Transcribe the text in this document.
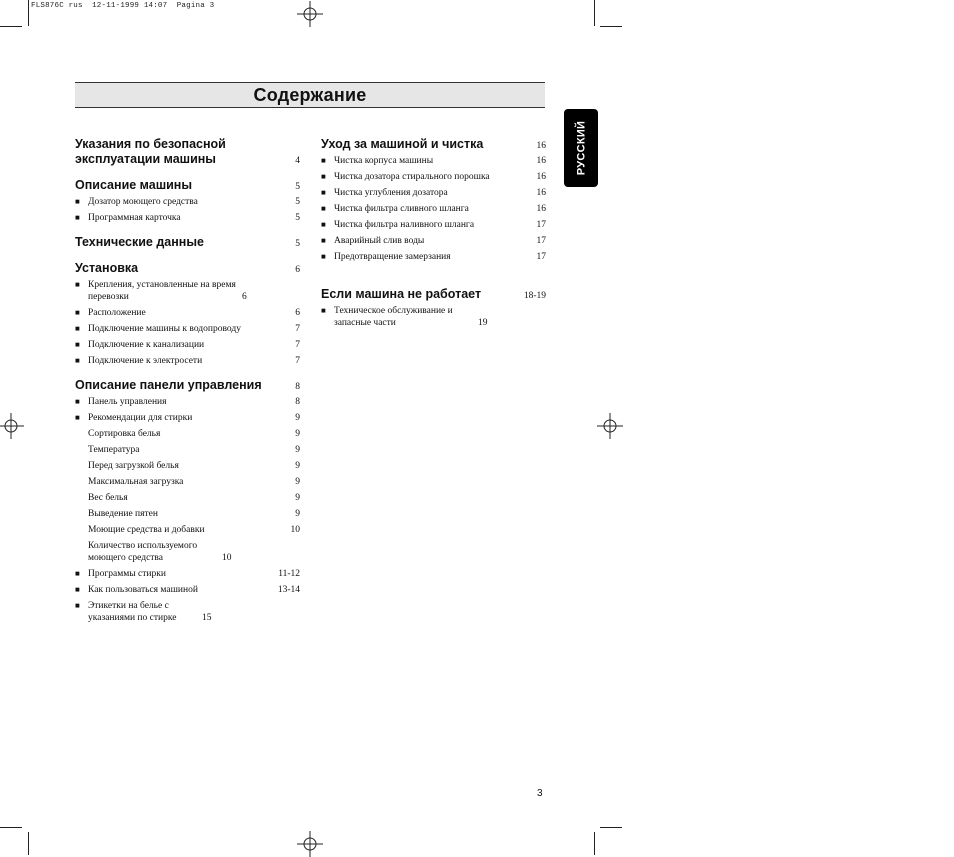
FLS876C rus  12-11-1999 14:07  Pagina 3
Содержание
РУССКИЙ
Указания по безопасной эксплуатации машины	4
Описание машины	5
■ Дозатор моющего средства	5
■ Программная карточка	5
Технические данные	5
Установка	6
■ Крепления, установленные на время перевозки	6
■ Расположение	6
■ Подключение машины к водопроводу	7
■ Подключение к канализации	7
■ Подключение к электросети	7
Описание панели управления	8
■ Панель управления	8
■ Рекомендации для стирки	9
Сортировка белья	9
Температура	9
Перед загрузкой белья	9
Максимальная загрузка	9
Вес белья	9
Выведение пятен	9
Моющие средства и добавки	10
Количество используемого моющего средства	10
■ Программы стирки	11-12
■ Как пользоваться машиной	13-14
■ Этикетки на белье с указаниями по стирке	15
Уход за машиной и чистка	16
■ Чистка корпуса машины	16
■ Чистка дозатора стирального порошка	16
■ Чистка углубления дозатора	16
■ Чистка фильтра сливного шланга	16
■ Чистка фильтра наливного шланга	17
■ Аварийный слив воды	17
■ Предотвращение замерзания	17
Если машина не работает	18-19
■ Техническое обслуживание и запасные части	19
3
